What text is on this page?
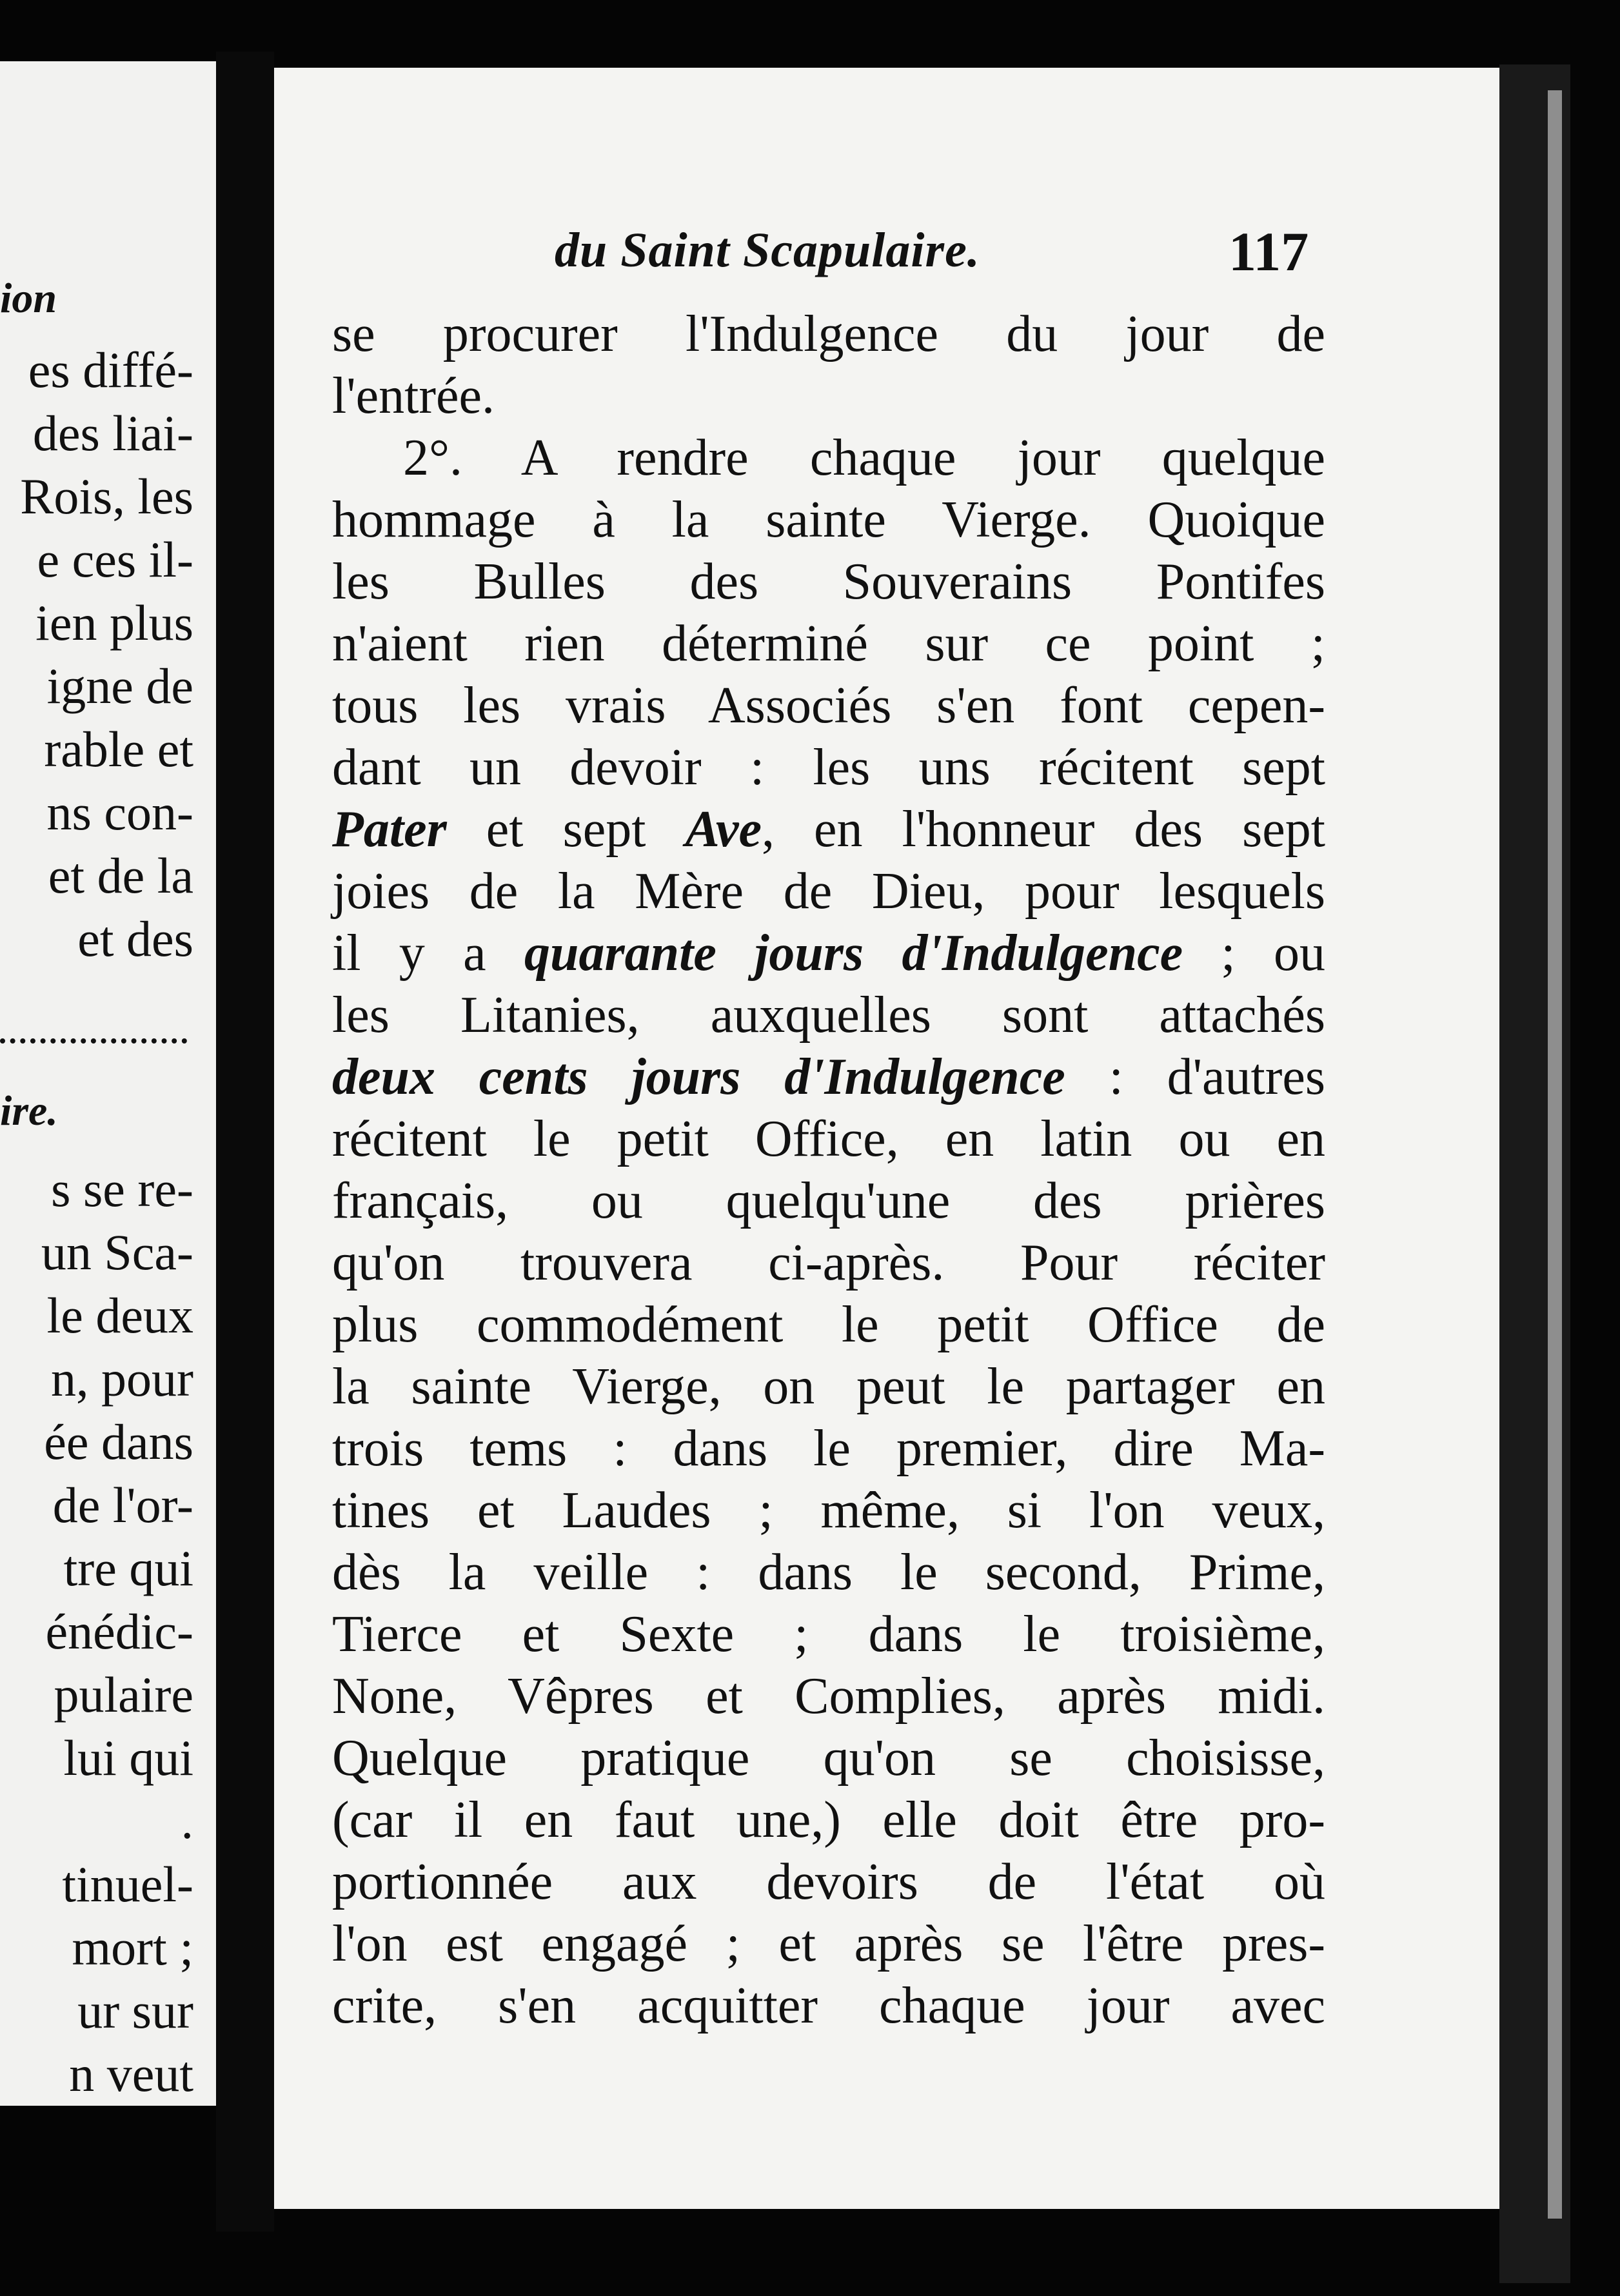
ion
es diffé-
des liai-
Rois, les
e ces il-
ien plus
igne de
rable et
ns con-
et de la
et des
ire.
s se re-
un Sca-
le deux
n, pour
ée dans
de l'or-
tre qui
énédic-
pulaire
lui qui
.
tinuel-
mort ;
ur sur
n veut
du Saint Scapulaire.	117
se procurer l'Indulgence du jour de
l'entrée.
2°. A rendre chaque jour quelque
hommage à la sainte Vierge. Quoique
les Bulles des Souverains Pontifes
n'aient rien déterminé sur ce point ;
tous les vrais Associés s'en font cepen-
dant un devoir : les uns récitent sept
Pater et sept Ave, en l'honneur des sept
joies de la Mère de Dieu, pour lesquels
il y a quarante jours d'Indulgence ; ou
les Litanies, auxquelles sont attachés
deux cents jours d'Indulgence : d'autres
récitent le petit Office, en latin ou en
français, ou quelqu'une des prières
qu'on trouvera ci-après. Pour réciter
plus commodément le petit Office de
la sainte Vierge, on peut le partager en
trois tems : dans le premier, dire Ma-
tines et Laudes ; même, si l'on veux,
dès la veille : dans le second, Prime,
Tierce et Sexte ; dans le troisième,
None, Vêpres et Complies, après midi.
Quelque pratique qu'on se choisisse,
(car il en faut une,) elle doit être pro-
portionnée aux devoirs de l'état où
l'on est engagé ; et après se l'être pres-
crite, s'en acquitter chaque jour avec
